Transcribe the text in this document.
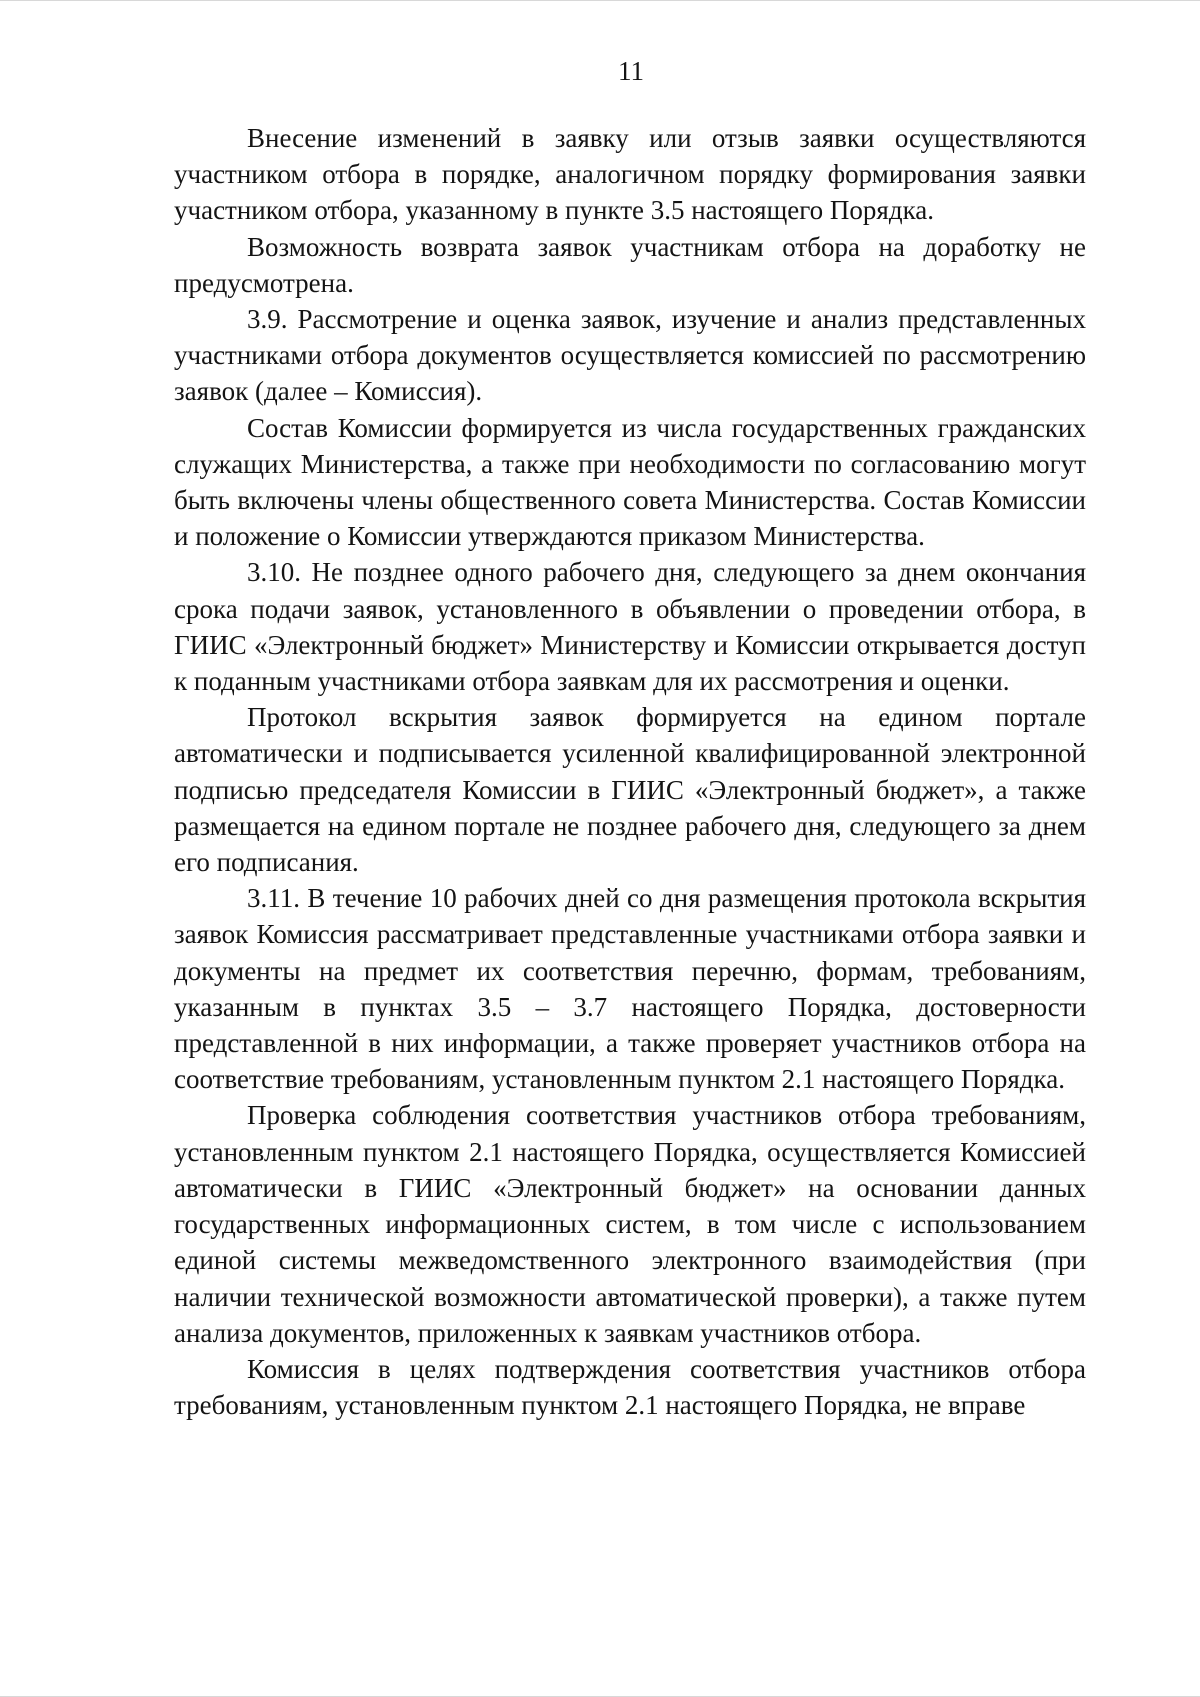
11

Внесение изменений в заявку или отзыв заявки осуществляются участником отбора в порядке, аналогичном порядку формирования заявки участником отбора, указанному в пункте 3.5 настоящего Порядка.

Возможность возврата заявок участникам отбора на доработку не предусмотрена.

3.9. Рассмотрение и оценка заявок, изучение и анализ представленных участниками отбора документов осуществляется комиссией по рассмотрению заявок (далее – Комиссия).

Состав Комиссии формируется из числа государственных гражданских служащих Министерства, а также при необходимости по согласованию могут быть включены члены общественного совета Министерства. Состав Комиссии и положение о Комиссии утверждаются приказом Министерства.

3.10. Не позднее одного рабочего дня, следующего за днем окончания срока подачи заявок, установленного в объявлении о проведении отбора, в ГИИС «Электронный бюджет» Министерству и Комиссии открывается доступ к поданным участниками отбора заявкам для их рассмотрения и оценки.

Протокол вскрытия заявок формируется на едином портале автоматически и подписывается усиленной квалифицированной электронной подписью председателя Комиссии в ГИИС «Электронный бюджет», а также размещается на едином портале не позднее рабочего дня, следующего за днем его подписания.

3.11. В течение 10 рабочих дней со дня размещения протокола вскрытия заявок Комиссия рассматривает представленные участниками отбора заявки и документы на предмет их соответствия перечню, формам, требованиям, указанным в пунктах 3.5 – 3.7 настоящего Порядка, достоверности представленной в них информации, а также проверяет участников отбора на соответствие требованиям, установленным пунктом 2.1 настоящего Порядка.

Проверка соблюдения соответствия участников отбора требованиям, установленным пунктом 2.1 настоящего Порядка, осуществляется Комиссией автоматически в ГИИС «Электронный бюджет» на основании данных государственных информационных систем, в том числе с использованием единой системы межведомственного электронного взаимодействия (при наличии технической возможности автоматической проверки), а также путем анализа документов, приложенных к заявкам участников отбора.

Комиссия в целях подтверждения соответствия участников отбора требованиям, установленным пунктом 2.1 настоящего Порядка, не вправе
